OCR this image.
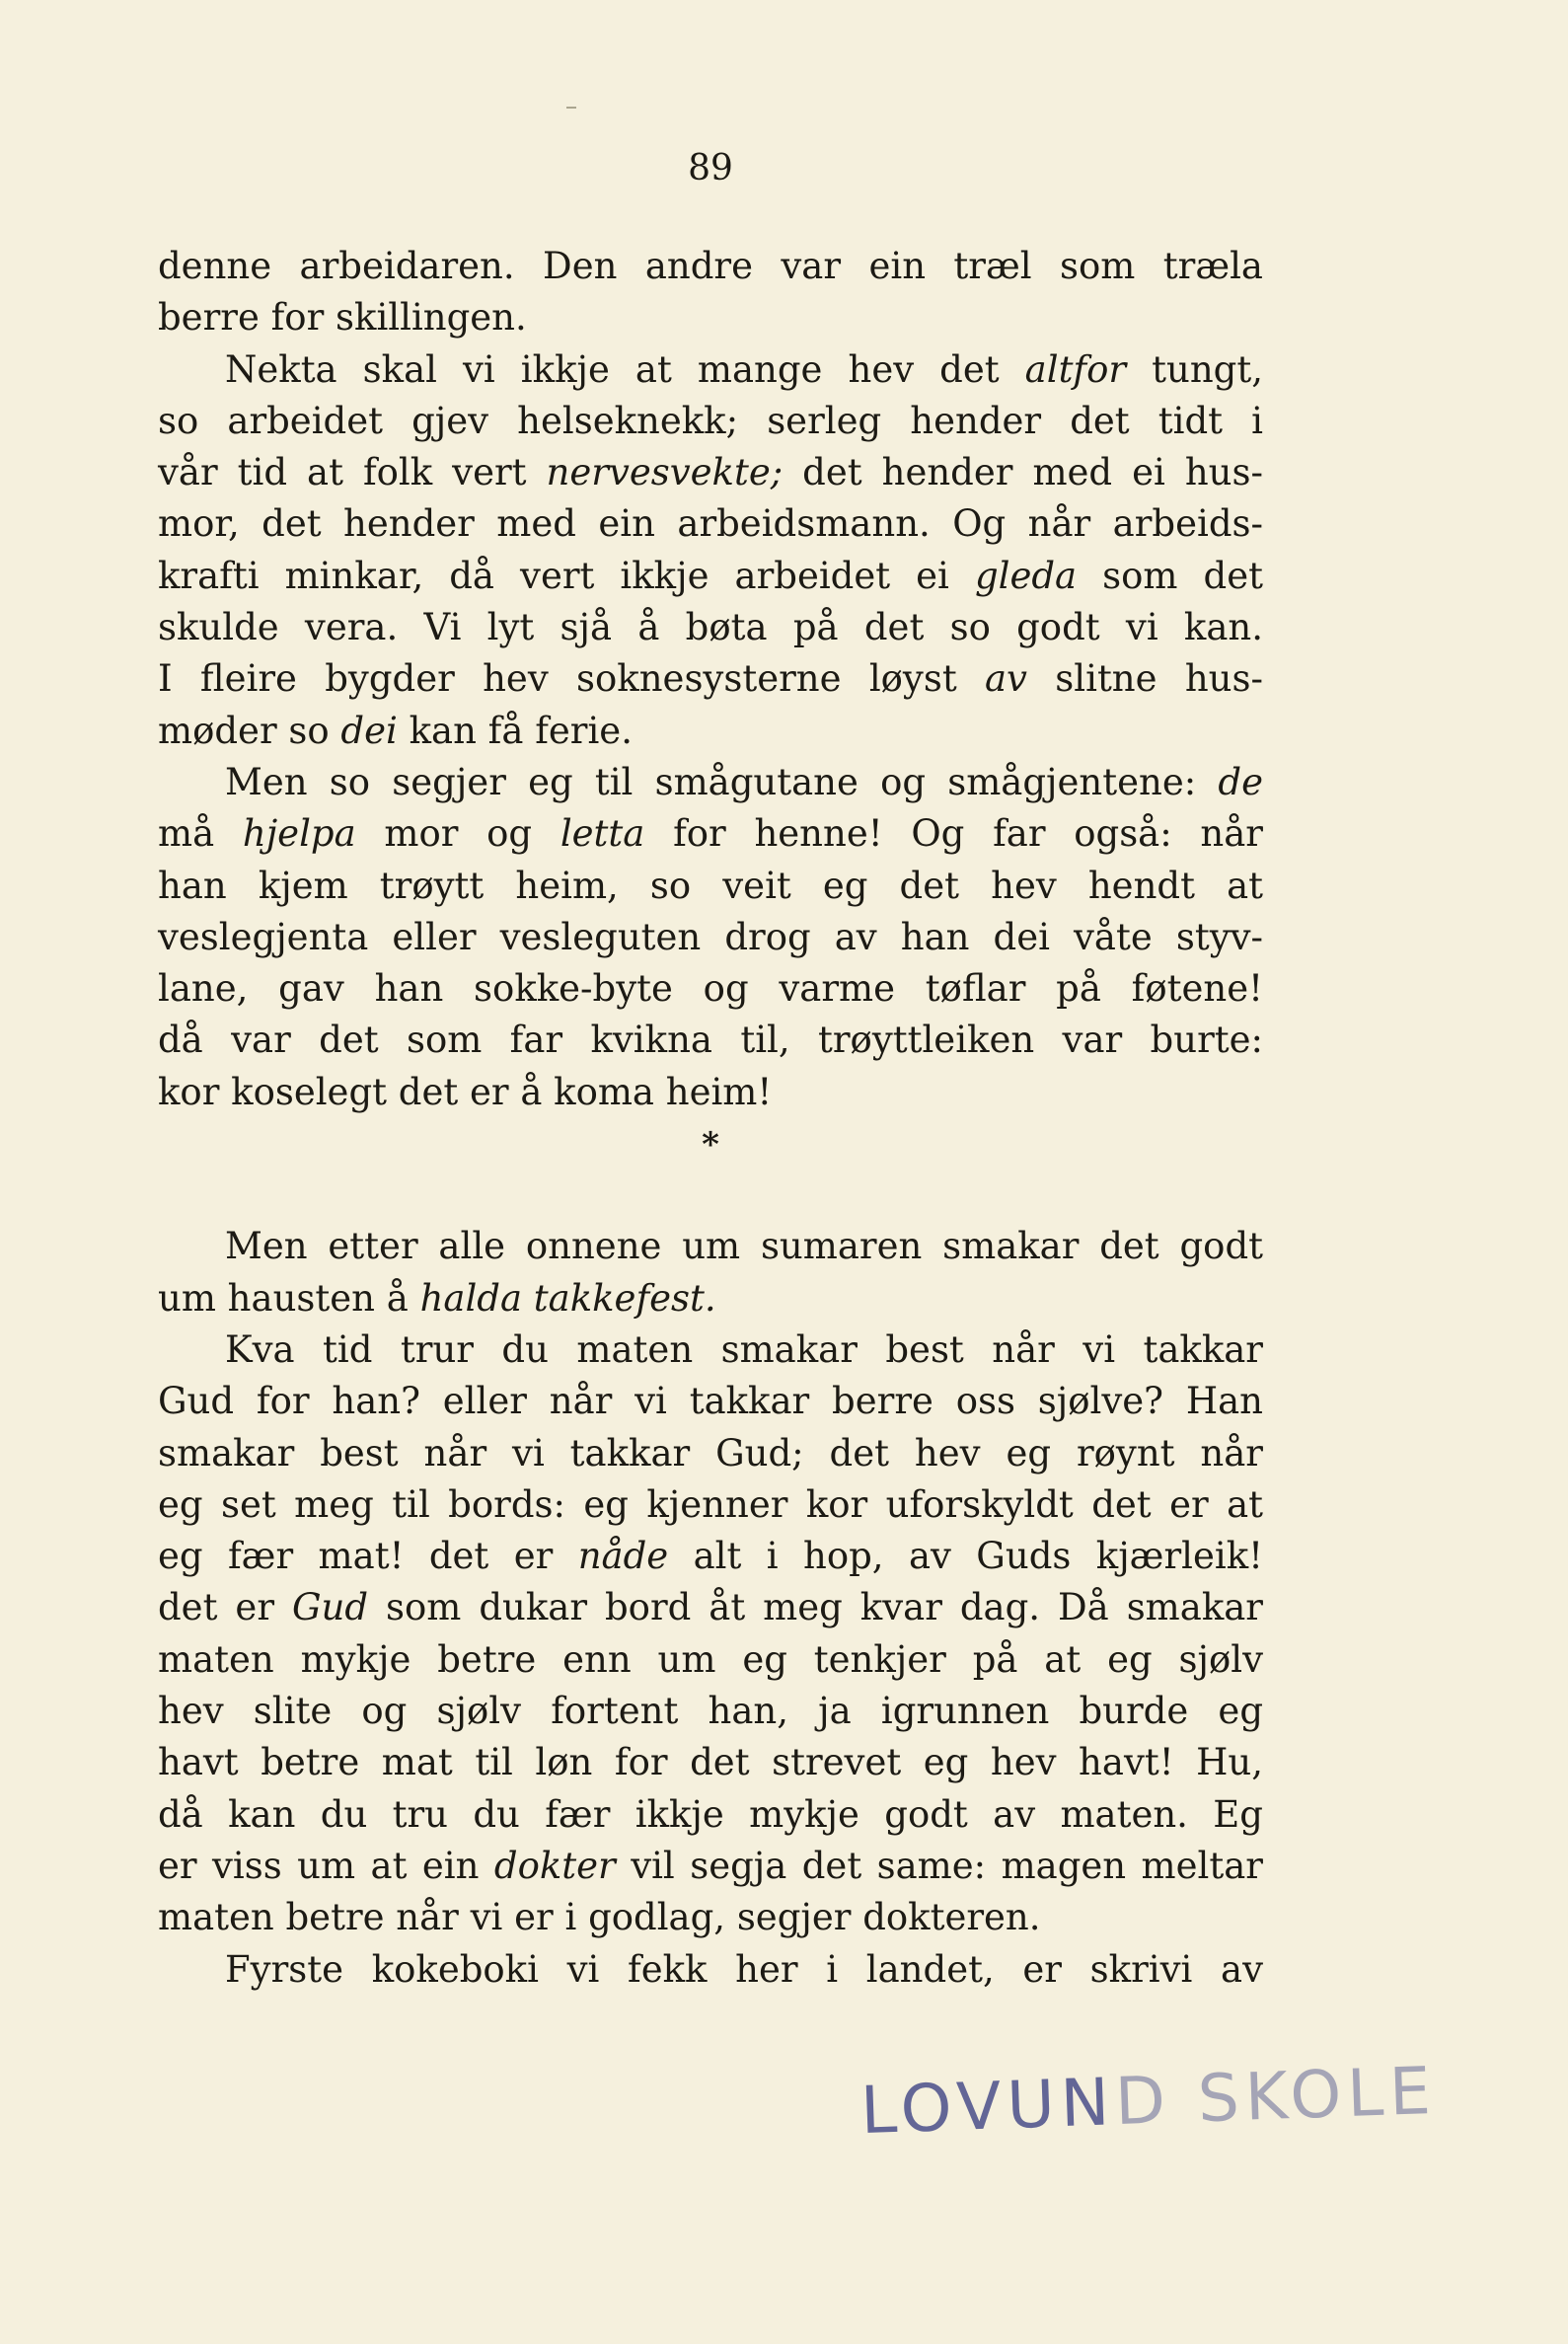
89
denne arbeidaren. Den andre var ein træl som træla
berre for skillingen.
Nekta skal vi ikkje at mange hev det altfor tungt,
so arbeidet gjev helseknekk; serleg hender det tidt i
vår tid at folk vert nervesvekte; det hender med ei hus-
mor, det hender med ein arbeidsmann. Og når arbeids-
krafti minkar, då vert ikkje arbeidet ei gleda som det
skulde vera. Vi lyt sjå å bøta på det so godt vi kan.
I fleire bygder hev soknesysterne løyst av slitne hus-
møder so dei kan få ferie.
Men so segjer eg til smågutane og smågjentene: de
må hjelpa mor og letta for henne! Og far også: når
han kjem trøytt heim, so veit eg det hev hendt at
veslegjenta eller vesleguten drog av han dei våte styv-
lane, gav han sokke-byte og varme tøflar på føtene!
då var det som far kvikna til, trøyttleiken var burte:
kor koselegt det er å koma heim!
*
Men etter alle onnene um sumaren smakar det godt
um hausten å halda takkefest.
Kva tid trur du maten smakar best når vi takkar
Gud for han? eller når vi takkar berre oss sjølve? Han
smakar best når vi takkar Gud; det hev eg røynt når
eg set meg til bords: eg kjenner kor uforskyldt det er at
eg fær mat! det er nåde alt i hop, av Guds kjærleik!
det er Gud som dukar bord åt meg kvar dag. Då smakar
maten mykje betre enn um eg tenkjer på at eg sjølv
hev slite og sjølv fortent han, ja igrunnen burde eg
havt betre mat til løn for det strevet eg hev havt! Hu,
då kan du tru du fær ikkje mykje godt av maten. Eg
er viss um at ein dokter vil segja det same: magen meltar
maten betre når vi er i godlag, segjer dokteren.
Fyrste kokeboki vi fekk her i landet, er skrivi av
LOVUND SKOLE
